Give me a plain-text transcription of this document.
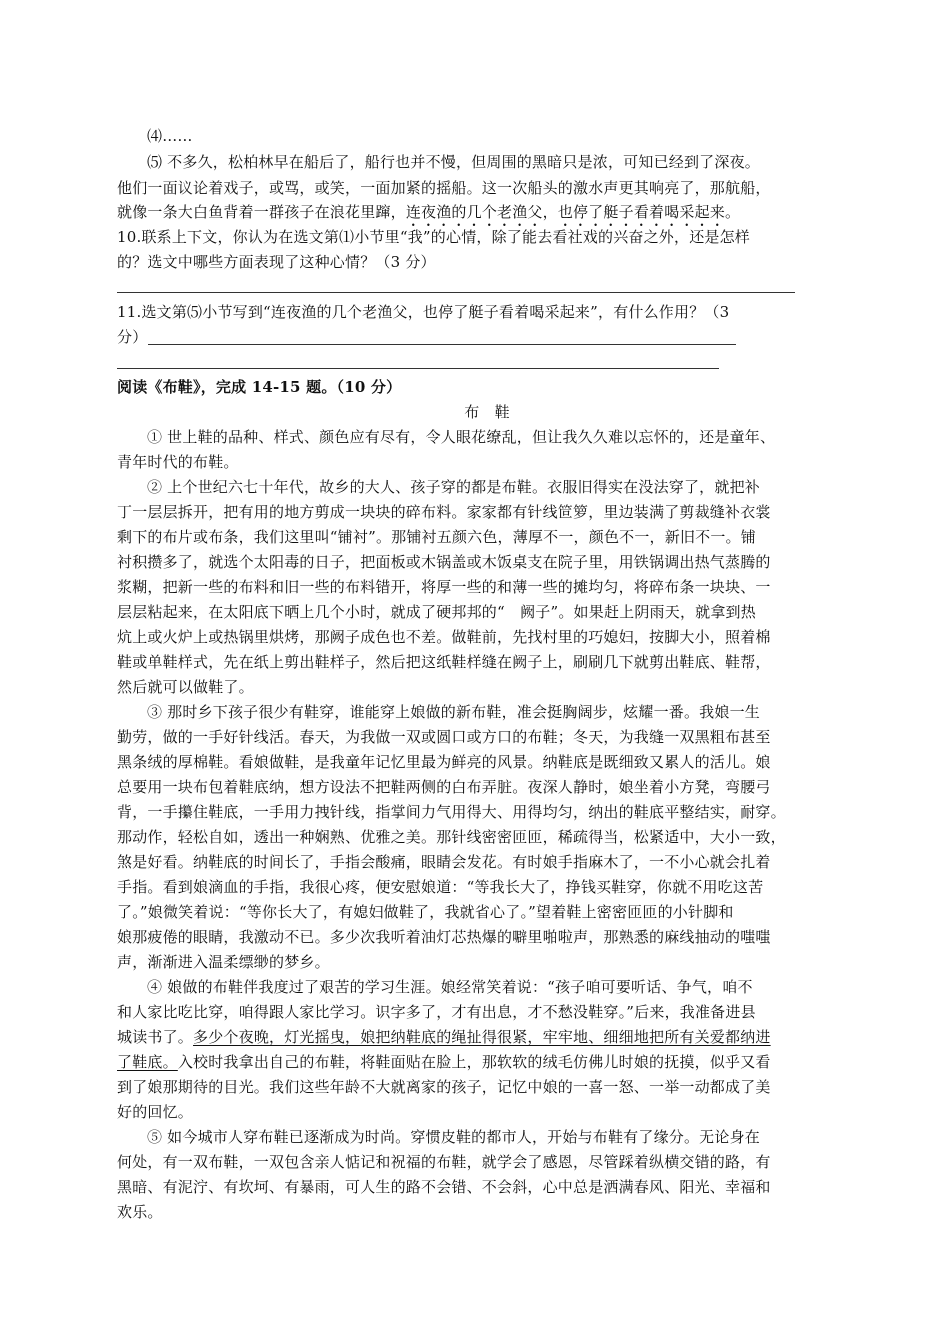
⑷……
⑸ 不多久，松柏林早在船后了，船行也并不慢，但周围的黑暗只是浓，可知已经到了深夜。
他们一面议论着戏子，或骂，或笑，一面加紧的摇船。这一次船头的激水声更其响亮了，那航船，
就像一条大白鱼背着一群孩子在浪花里蹿，连夜渔的几个老渔父，也停了艇子看着喝采起来。
10.联系上下文，你认为在选文第⑴小节里“我”的心情，除了能去看社戏的兴奋之外，还是怎样
的？选文中哪些方面表现了这种心情？（3 分）
11.选文第⑸小节写到“连夜渔的几个老渔父，也停了艇子看着喝采起来”，有什么作用？（3
分）
阅读《布鞋》，完成 14-15 题。（10 分）
布　鞋
① 世上鞋的品种、样式、颜色应有尽有，令人眼花缭乱，但让我久久难以忘怀的，还是童年、
青年时代的布鞋。
② 上个世纪六七十年代，故乡的大人、孩子穿的都是布鞋。衣服旧得实在没法穿了，就把补
丁一层层拆开，把有用的地方剪成一块块的碎布料。家家都有针线笸箩，里边装满了剪裁缝补衣裳
剩下的布片或布条，我们这里叫“铺衬”。那铺衬五颜六色，薄厚不一，颜色不一，新旧不一。铺
衬积攒多了，就选个太阳毒的日子，把面板或木锅盖或木饭桌支在院子里，用铁锅调出热气蒸腾的
浆糊，把新一些的布料和旧一些的布料错开，将厚一些的和薄一些的摊均匀，将碎布条一块块、一
层层粘起来，在太阳底下晒上几个小时，就成了硬邦邦的“　阙子”。如果赶上阴雨天，就拿到热
炕上或火炉上或热锅里烘烤，那阙子成色也不差。做鞋前，先找村里的巧媳妇，按脚大小，照着棉
鞋或单鞋样式，先在纸上剪出鞋样子，然后把这纸鞋样缝在阙子上，刷刷几下就剪出鞋底、鞋帮，
然后就可以做鞋了。
③ 那时乡下孩子很少有鞋穿，谁能穿上娘做的新布鞋，准会挺胸阔步，炫耀一番。我娘一生
勤劳，做的一手好针线活。春天，为我做一双或圆口或方口的布鞋；冬天，为我缝一双黑粗布甚至
黑条绒的厚棉鞋。看娘做鞋，是我童年记忆里最为鲜亮的风景。纳鞋底是既细致又累人的活儿。娘
总要用一块布包着鞋底纳，想方设法不把鞋两侧的白布弄脏。夜深人静时，娘坐着小方凳，弯腰弓
背，一手攥住鞋底，一手用力拽针线，指掌间力气用得大、用得均匀，纳出的鞋底平整结实，耐穿。
那动作，轻松自如，透出一种娴熟、优雅之美。那针线密密匝匝，稀疏得当，松紧适中，大小一致，
煞是好看。纳鞋底的时间长了，手指会酸痛，眼睛会发花。有时娘手指麻木了，一不小心就会扎着
手指。看到娘滴血的手指，我很心疼，便安慰娘道：“等我长大了，挣钱买鞋穿，你就不用吃这苦
了。”娘微笑着说：“等你长大了，有媳妇做鞋了，我就省心了。”望着鞋上密密匝匝的小针脚和
娘那疲倦的眼睛，我激动不已。多少次我听着油灯芯热爆的噼里啪啦声，那熟悉的麻线抽动的嗤嗤
声，渐渐进入温柔缥缈的梦乡。
④ 娘做的布鞋伴我度过了艰苦的学习生涯。娘经常笑着说：“孩子咱可要听话、争气，咱不
和人家比吃比穿，咱得跟人家比学习。识字多了，才有出息，才不愁没鞋穿。”后来，我准备进县
城读书了。多少个夜晚，灯光摇曳，娘把纳鞋底的绳扯得很紧，牢牢地、细细地把所有关爱都纳进
了鞋底。入校时我拿出自己的布鞋，将鞋面贴在脸上，那软软的绒毛仿佛儿时娘的抚摸，似乎又看
到了娘那期待的目光。我们这些年龄不大就离家的孩子，记忆中娘的一喜一怒、一举一动都成了美
好的回忆。
⑤ 如今城市人穿布鞋已逐渐成为时尚。穿惯皮鞋的都市人，开始与布鞋有了缘分。无论身在
何处，有一双布鞋，一双包含亲人惦记和祝福的布鞋，就学会了感恩，尽管踩着纵横交错的路，有
黑暗、有泥泞、有坎坷、有暴雨，可人生的路不会错、不会斜，心中总是洒满春风、阳光、幸福和
欢乐。
